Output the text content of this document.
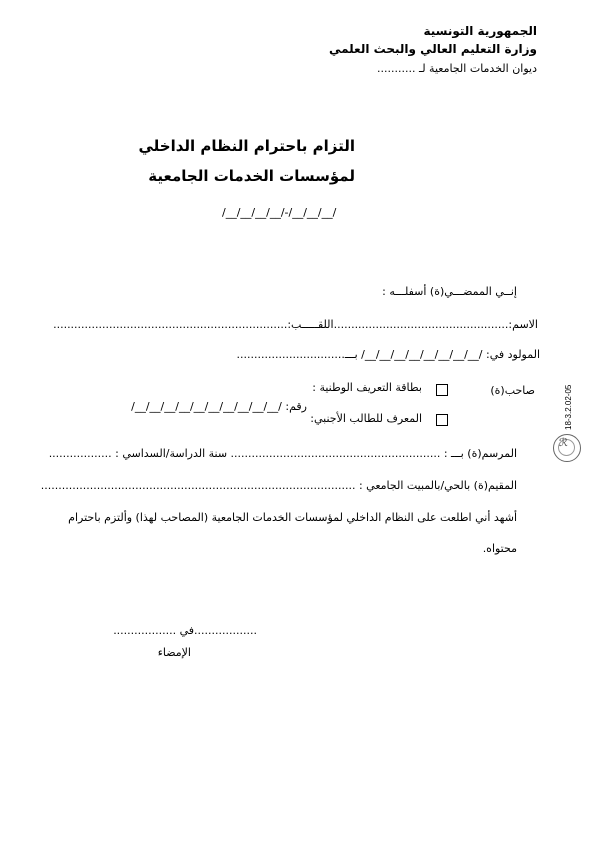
الجمهورية التونسية
وزارة التعليم العالي والبحث العلمي
ديوان الخدمات الجامعية لـ ...........
التزام باحترام النظام الداخلي
لمؤسسات الخدمات الجامعية
/__/__/__/__/-/__/__/__/
إنــي الممضـــي(ة) أسفلـــه :
الاسم:..................................................اللقـــــب:...................................................................
المولود في: /__/__/__/__/__/__/__/__/ بـــ...............................
صاحب(ة)
بطاقة التعريف الوطنية :
المعرف للطالب الأجنبي:
رقم: /__/__/__/__/__/__/__/__/__/__/
المرسم(ة) بـــ : ............................................................ سنة الدراسة/السداسي : ..................
المقيم(ة) بالحي/بالمبيت الجامعي : ..........................................................................................
أشهد أني اطلعت على النظام الداخلي لمؤسسات الخدمات الجامعية (المصاحب لهذا) وألتزم باحترام
محتواه.
..................في ..................
الإمضاء
18-3.2.02-05
ℛ
